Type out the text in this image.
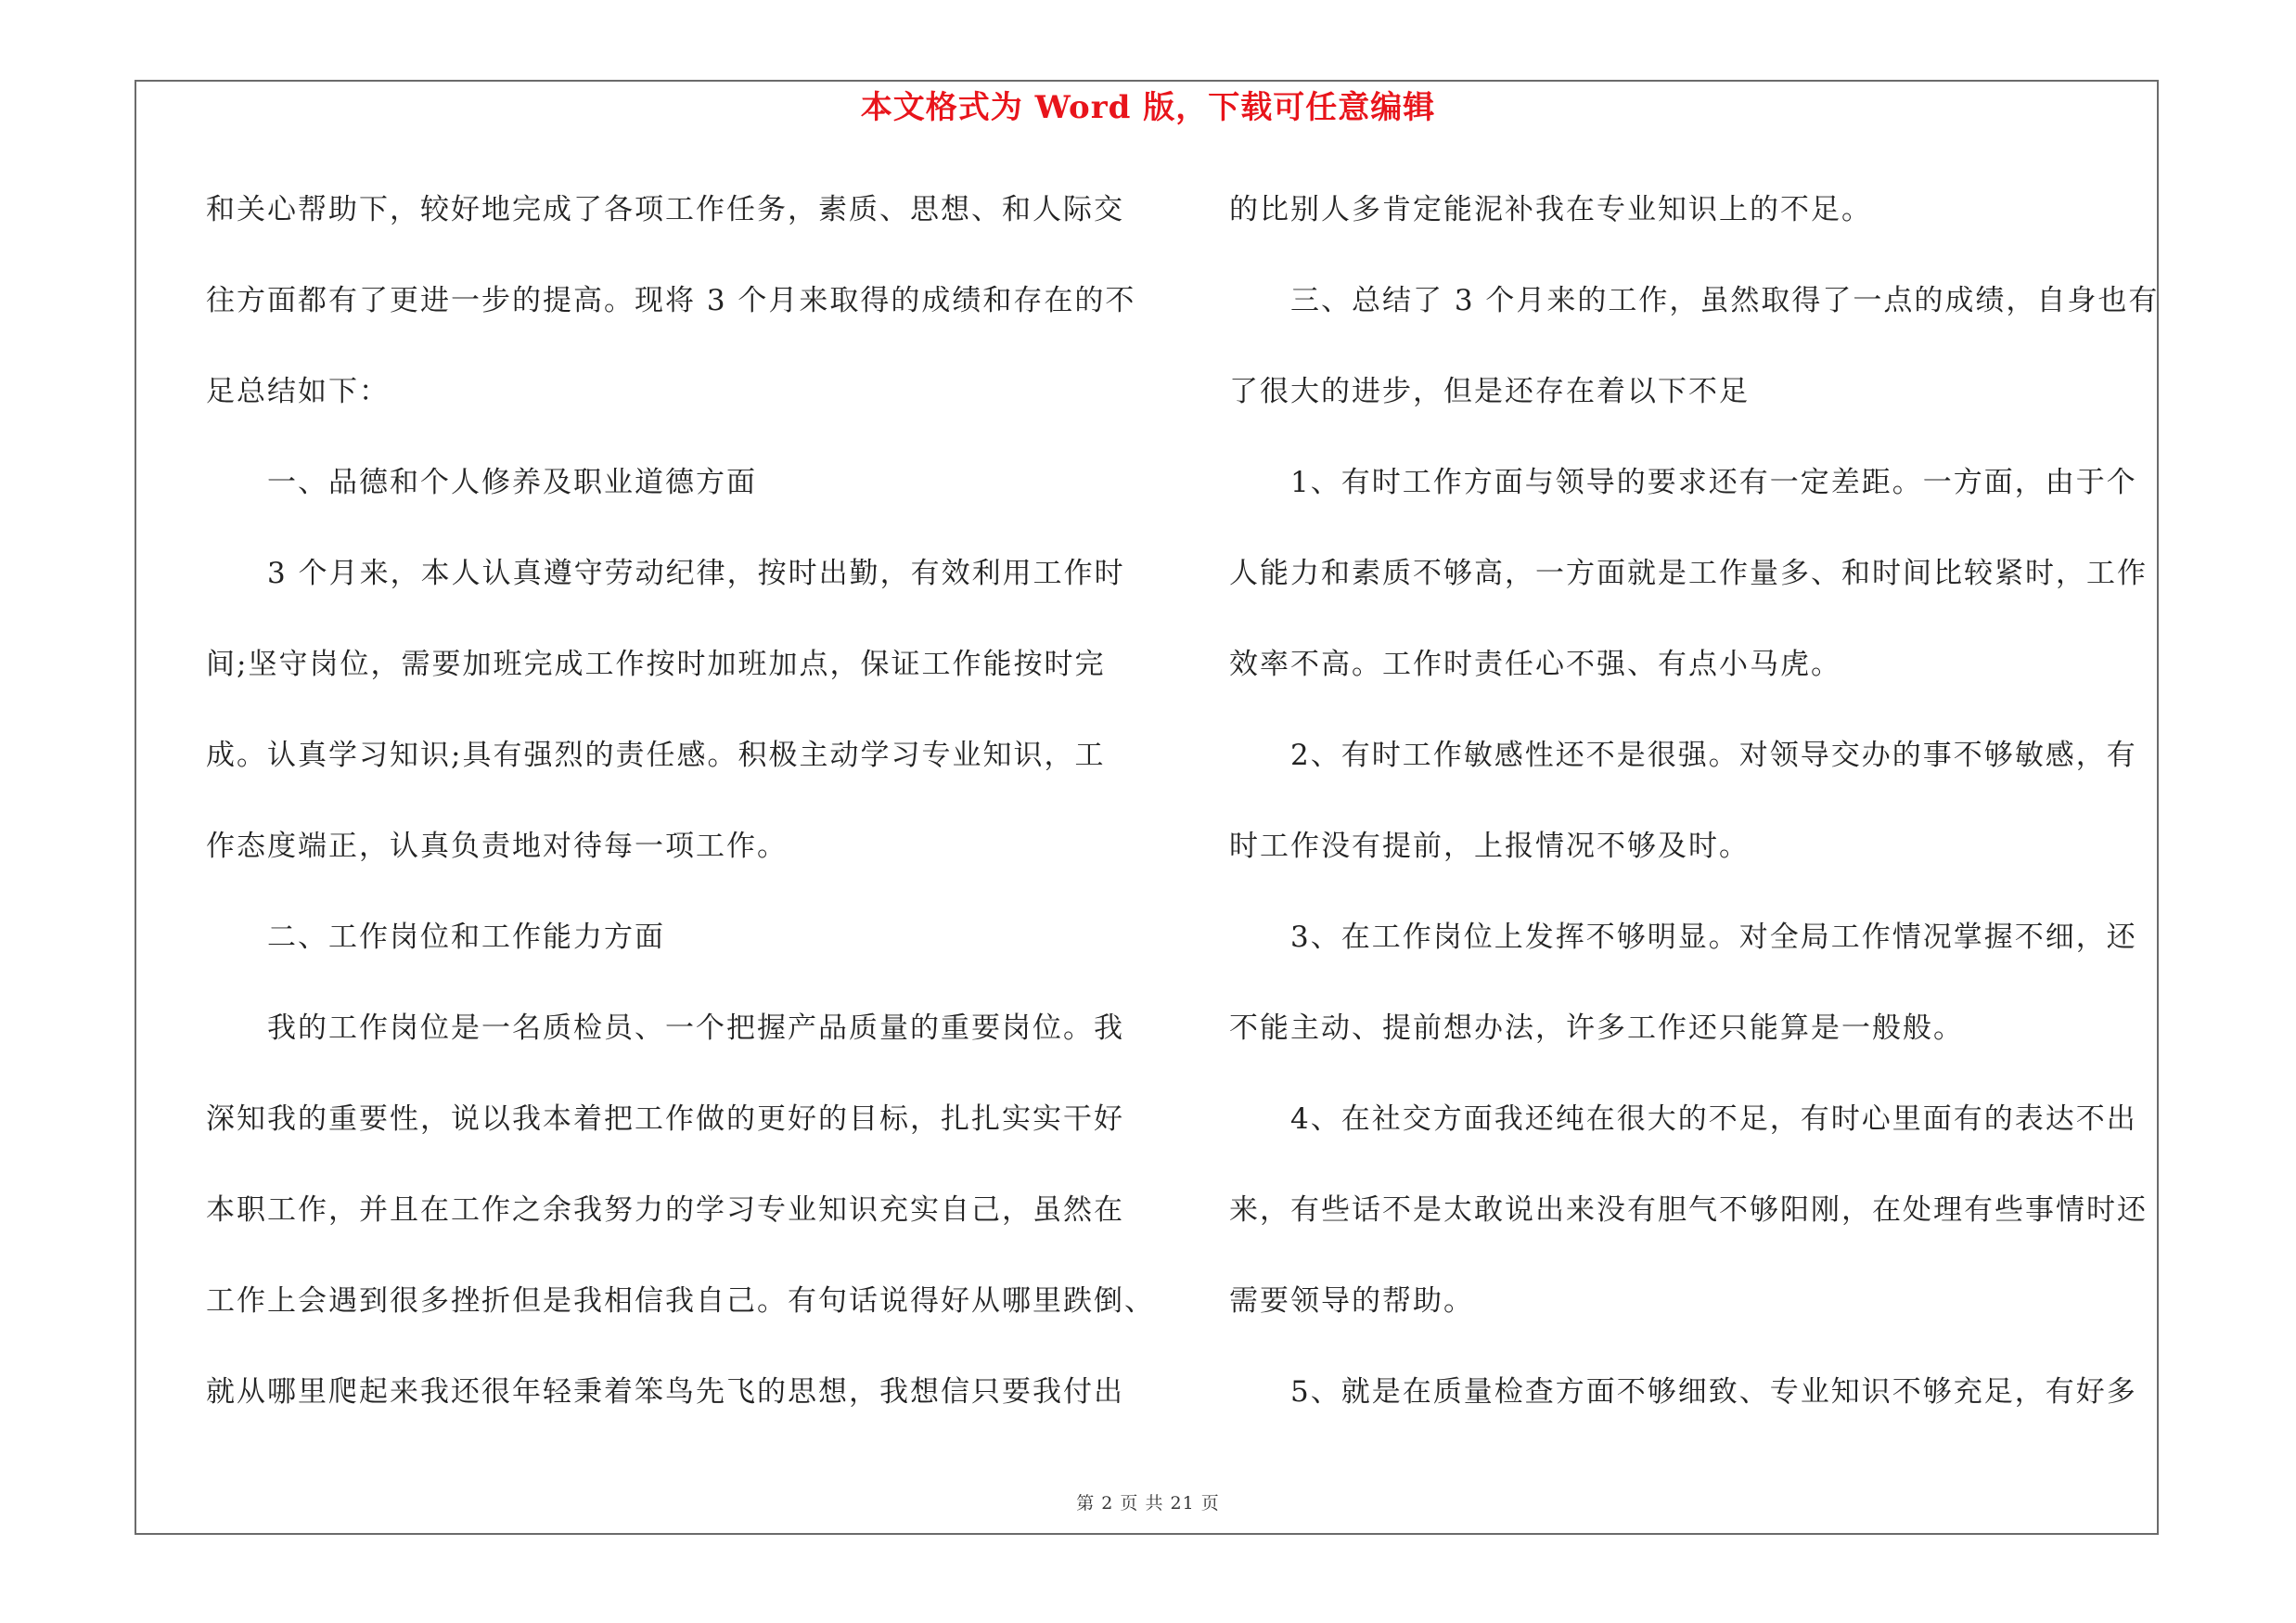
本文格式为 Word 版，下载可任意编辑
和关心帮助下，较好地完成了各项工作任务，素质、思想、和人际交
往方面都有了更进一步的提高。现将 3 个月来取得的成绩和存在的不
足总结如下：
一、品德和个人修养及职业道德方面
3 个月来，本人认真遵守劳动纪律，按时出勤，有效利用工作时
间;坚守岗位，需要加班完成工作按时加班加点，保证工作能按时完
成。认真学习知识;具有强烈的责任感。积极主动学习专业知识，工
作态度端正，认真负责地对待每一项工作。
二、工作岗位和工作能力方面
我的工作岗位是一名质检员、一个把握产品质量的重要岗位。我
深知我的重要性，说以我本着把工作做的更好的目标，扎扎实实干好
本职工作，并且在工作之余我努力的学习专业知识充实自己，虽然在
工作上会遇到很多挫折但是我相信我自己。有句话说得好从哪里跌倒、
就从哪里爬起来我还很年轻秉着笨鸟先飞的思想，我想信只要我付出
的比别人多肯定能泥补我在专业知识上的不足。
三、总结了 3 个月来的工作，虽然取得了一点的成绩，自身也有
了很大的进步，但是还存在着以下不足
1、有时工作方面与领导的要求还有一定差距。一方面，由于个
人能力和素质不够高，一方面就是工作量多、和时间比较紧时，工作
效率不高。工作时责任心不强、有点小马虎。
2、有时工作敏感性还不是很强。对领导交办的事不够敏感，有
时工作没有提前，上报情况不够及时。
3、在工作岗位上发挥不够明显。对全局工作情况掌握不细，还
不能主动、提前想办法，许多工作还只能算是一般般。
4、在社交方面我还纯在很大的不足，有时心里面有的表达不出
来，有些话不是太敢说出来没有胆气不够阳刚，在处理有些事情时还
需要领导的帮助。
5、就是在质量检查方面不够细致、专业知识不够充足，有好多
第 2 页 共 21 页
